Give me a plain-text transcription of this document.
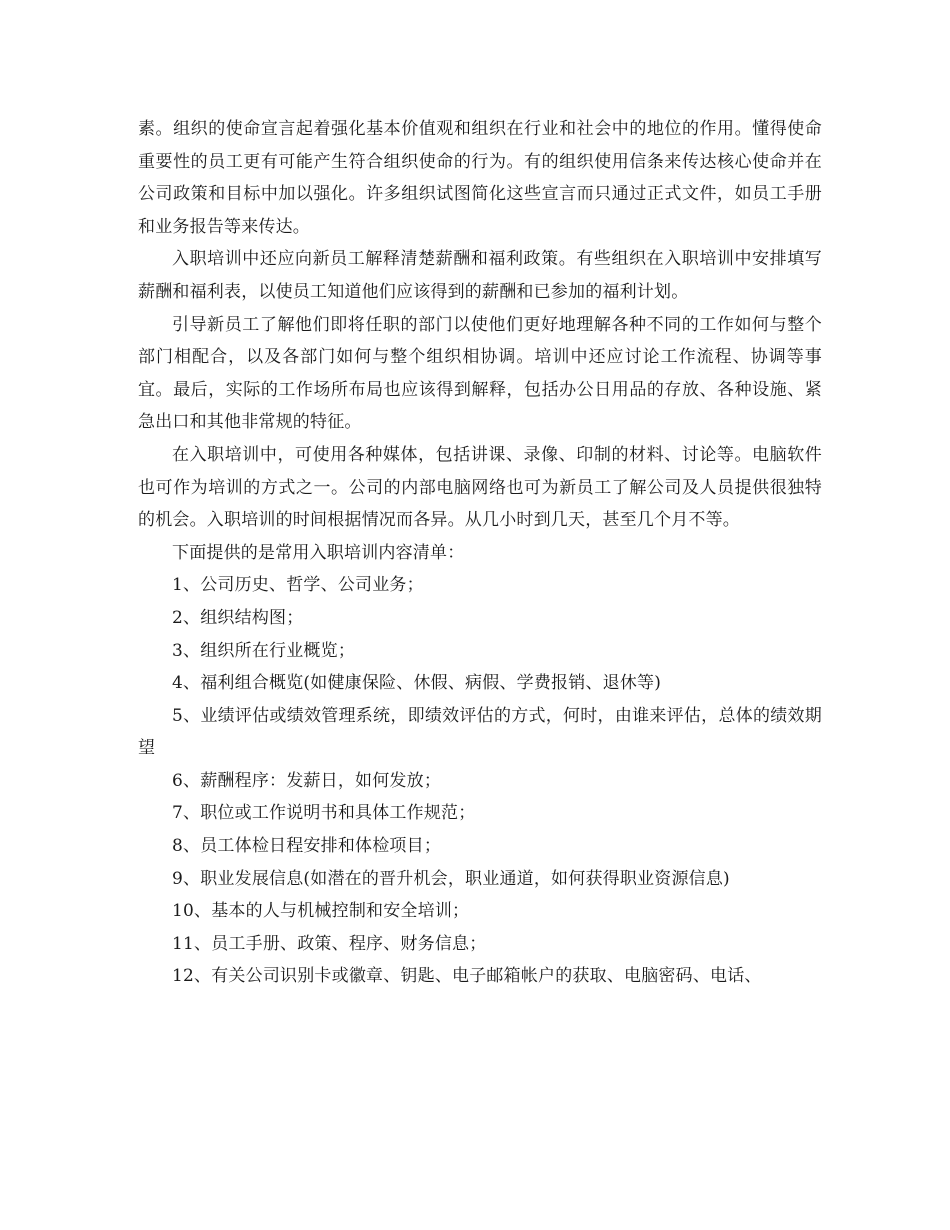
素。组织的使命宣言起着强化基本价值观和组织在行业和社会中的地位的作用。懂得使命重要性的员工更有可能产生符合组织使命的行为。有的组织使用信条来传达核心使命并在公司政策和目标中加以强化。许多组织试图简化这些宣言而只通过正式文件，如员工手册和业务报告等来传达。

入职培训中还应向新员工解释清楚薪酬和福利政策。有些组织在入职培训中安排填写薪酬和福利表，以使员工知道他们应该得到的薪酬和已参加的福利计划。

引导新员工了解他们即将任职的部门以使他们更好地理解各种不同的工作如何与整个部门相配合，以及各部门如何与整个组织相协调。培训中还应讨论工作流程、协调等事宜。最后，实际的工作场所布局也应该得到解释，包括办公日用品的存放、各种设施、紧急出口和其他非常规的特征。

在入职培训中，可使用各种媒体，包括讲课、录像、印制的材料、讨论等。电脑软件也可作为培训的方式之一。公司的内部电脑网络也可为新员工了解公司及人员提供很独特的机会。入职培训的时间根据情况而各异。从几小时到几天，甚至几个月不等。

下面提供的是常用入职培训内容清单：

1、公司历史、哲学、公司业务；

2、组织结构图；

3、组织所在行业概览；

4、福利组合概览(如健康保险、休假、病假、学费报销、退休等)

5、业绩评估或绩效管理系统，即绩效评估的方式，何时，由谁来评估，总体的绩效期望

6、薪酬程序：发薪日，如何发放；

7、职位或工作说明书和具体工作规范；

8、员工体检日程安排和体检项目；

9、职业发展信息(如潜在的晋升机会，职业通道，如何获得职业资源信息)

10、基本的人与机械控制和安全培训；

11、员工手册、政策、程序、财务信息；

12、有关公司识别卡或徽章、钥匙、电子邮箱帐户的获取、电脑密码、电话、
